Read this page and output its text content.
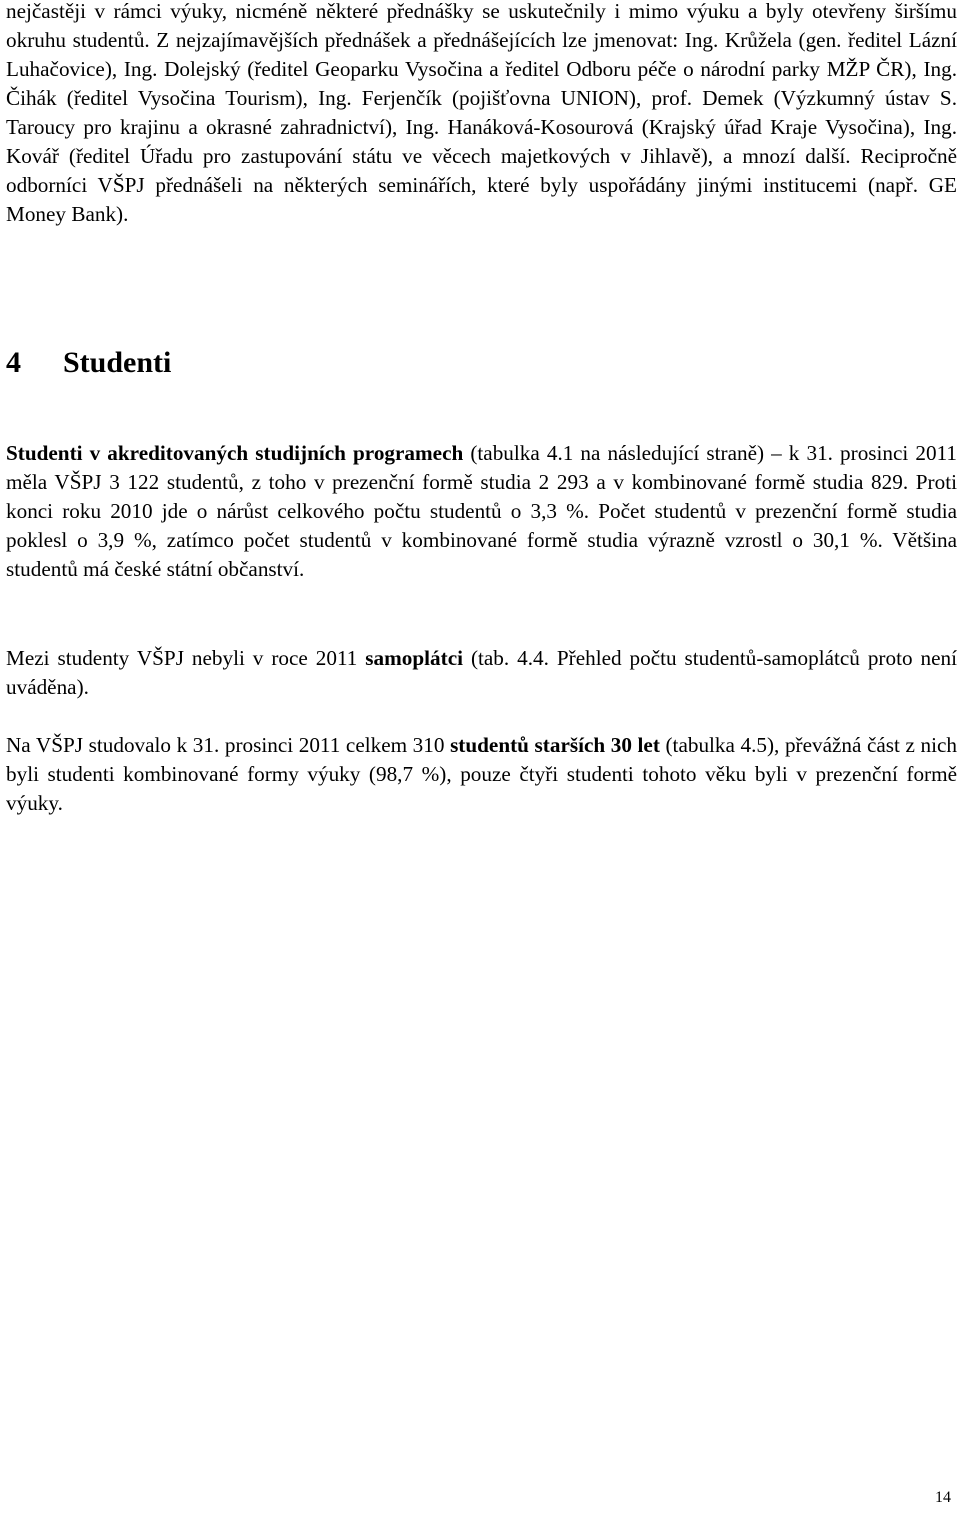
nejčastěji v rámci výuky, nicméně některé přednášky se uskutečnily i mimo výuku a byly otevřeny širšímu okruhu studentů. Z nejzajímavějších přednášek a přednášejících lze jmenovat: Ing. Krůžela (gen. ředitel Lázní Luhačovice), Ing. Dolejský (ředitel Geoparku Vysočina a ředitel Odboru péče o národní parky MŽP ČR), Ing. Čihák (ředitel Vysočina Tourism), Ing. Ferjenčík (pojišťovna UNION), prof. Demek (Výzkumný ústav S. Taroucy pro krajinu a okrasné zahradnictví), Ing. Hanáková-Kosourová (Krajský úřad Kraje Vysočina), Ing. Kovář (ředitel Úřadu pro zastupování státu ve věcech majetkových v Jihlavě), a mnozí další. Recipročně odborníci VŠPJ přednášeli na některých seminářích, které byly uspořádány jinými institucemi (např. GE Money Bank).

4 Studenti

Studenti v akreditovaných studijních programech (tabulka 4.1 na následující straně) – k 31. prosinci 2011 měla VŠPJ 3 122 studentů, z toho v prezenční formě studia 2 293 a v kombinované formě studia 829. Proti konci roku 2010 jde o nárůst celkového počtu studentů o 3,3 %. Počet studentů v prezenční formě studia poklesl o 3,9 %, zatímco počet studentů v kombinované formě studia výrazně vzrostl o 30,1 %. Většina studentů má české státní občanství.

Mezi studenty VŠPJ nebyli v roce 2011 samoplátci (tab. 4.4. Přehled počtu studentů-samoplátců proto není uváděna).

Na VŠPJ studovalo k 31. prosinci 2011 celkem 310 studentů starších 30 let (tabulka 4.5), převážná část z nich byli studenti kombinované formy výuky (98,7 %), pouze čtyři studenti tohoto věku byli v prezenční formě výuky.

14
